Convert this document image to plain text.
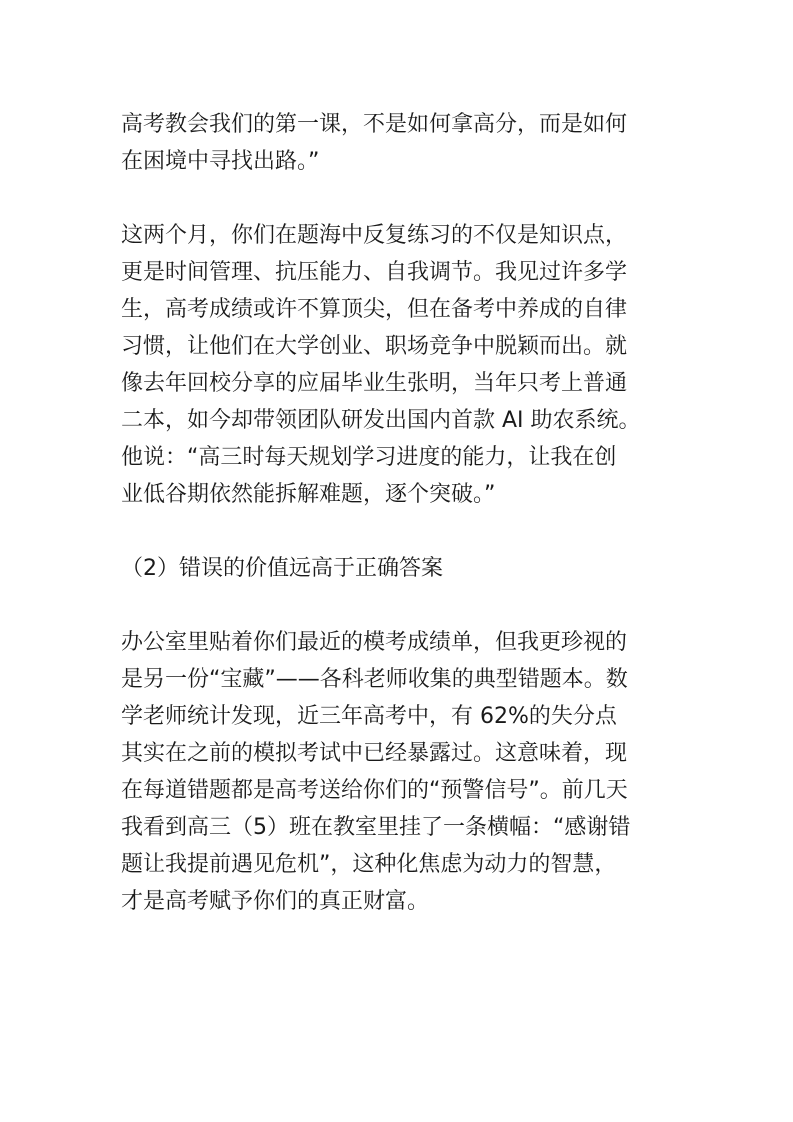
高考教会我们的第一课，不是如何拿高分，而是如何
在困境中寻找出路。”

这两个月，你们在题海中反复练习的不仅是知识点，
更是时间管理、抗压能力、自我调节。我见过许多学
生，高考成绩或许不算顶尖，但在备考中养成的自律
习惯，让他们在大学创业、职场竞争中脱颖而出。就
像去年回校分享的应届毕业生张明，当年只考上普通
二本，如今却带领团队研发出国内首款 AI 助农系统。
他说：“高三时每天规划学习进度的能力，让我在创
业低谷期依然能拆解难题，逐个突破。”

（2）错误的价值远高于正确答案

办公室里贴着你们最近的模考成绩单，但我更珍视的
是另一份“宝藏”——各科老师收集的典型错题本。数
学老师统计发现，近三年高考中，有 62%的失分点
其实在之前的模拟考试中已经暴露过。这意味着，现
在每道错题都是高考送给你们的“预警信号”。前几天
我看到高三（5）班在教室里挂了一条横幅：“感谢错
题让我提前遇见危机”，这种化焦虑为动力的智慧，
才是高考赋予你们的真正财富。
